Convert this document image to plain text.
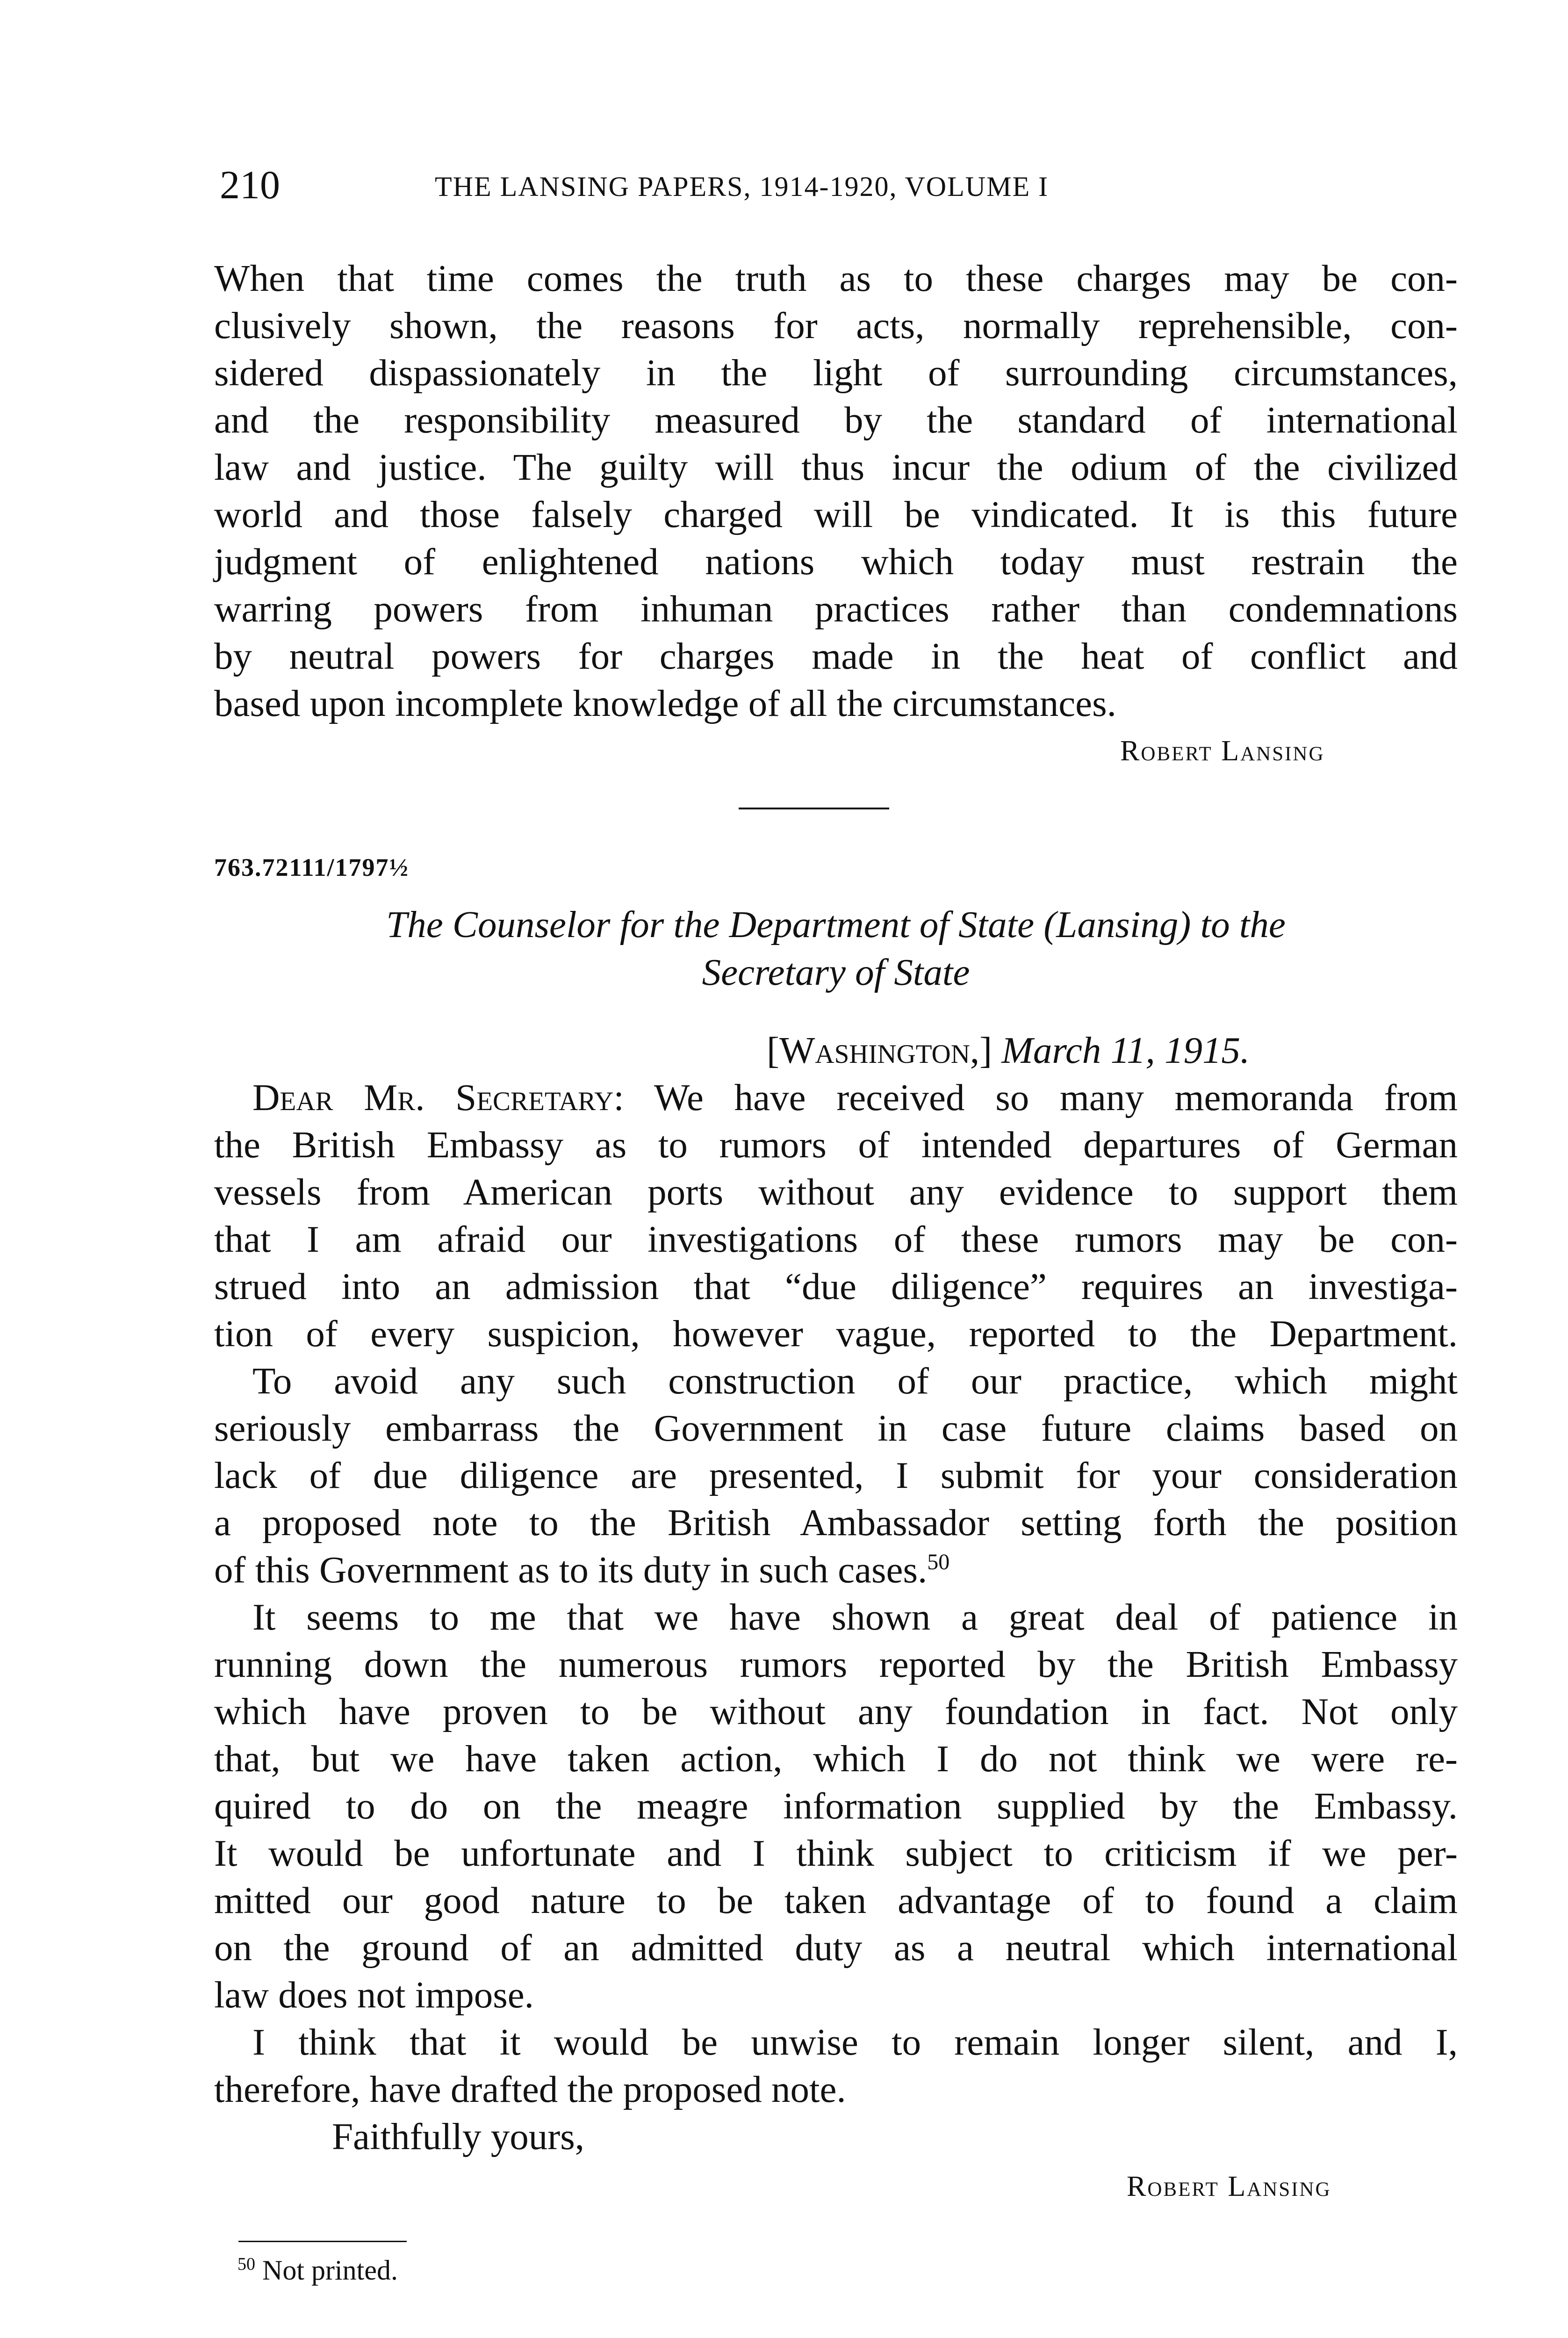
210	THE LANSING PAPERS, 1914-1920, VOLUME I
When that time comes the truth as to these charges may be con-
clusively shown, the reasons for acts, normally reprehensible, con-
sidered dispassionately in the light of surrounding circumstances,
and the responsibility measured by the standard of international
law and justice. The guilty will thus incur the odium of the civilized
world and those falsely charged will be vindicated. It is this future
judgment of enlightened nations which today must restrain the
warring powers from inhuman practices rather than condemnations
by neutral powers for charges made in the heat of conflict and
based upon incomplete knowledge of all the circumstances.
Robert Lansing
763.72111/1797½
The Counselor for the Department of State (Lansing) to the
Secretary of State
[Washington,] March 11, 1915.
Dear Mr. Secretary: We have received so many memoranda from
the British Embassy as to rumors of intended departures of German
vessels from American ports without any evidence to support them
that I am afraid our investigations of these rumors may be con-
strued into an admission that “due diligence” requires an investiga-
tion of every suspicion, however vague, reported to the Department.
To avoid any such construction of our practice, which might
seriously embarrass the Government in case future claims based on
lack of due diligence are presented, I submit for your consideration
a proposed note to the British Ambassador setting forth the position
of this Government as to its duty in such cases.$^{50}$
It seems to me that we have shown a great deal of patience in
running down the numerous rumors reported by the British Embassy
which have proven to be without any foundation in fact. Not only
that, but we have taken action, which I do not think we were re-
quired to do on the meagre information supplied by the Embassy.
It would be unfortunate and I think subject to criticism if we per-
mitted our good nature to be taken advantage of to found a claim
on the ground of an admitted duty as a neutral which international
law does not impose.
I think that it would be unwise to remain longer silent, and I,
therefore, have drafted the proposed note.
Faithfully yours,
Robert Lansing
$^{50}$ Not printed.
